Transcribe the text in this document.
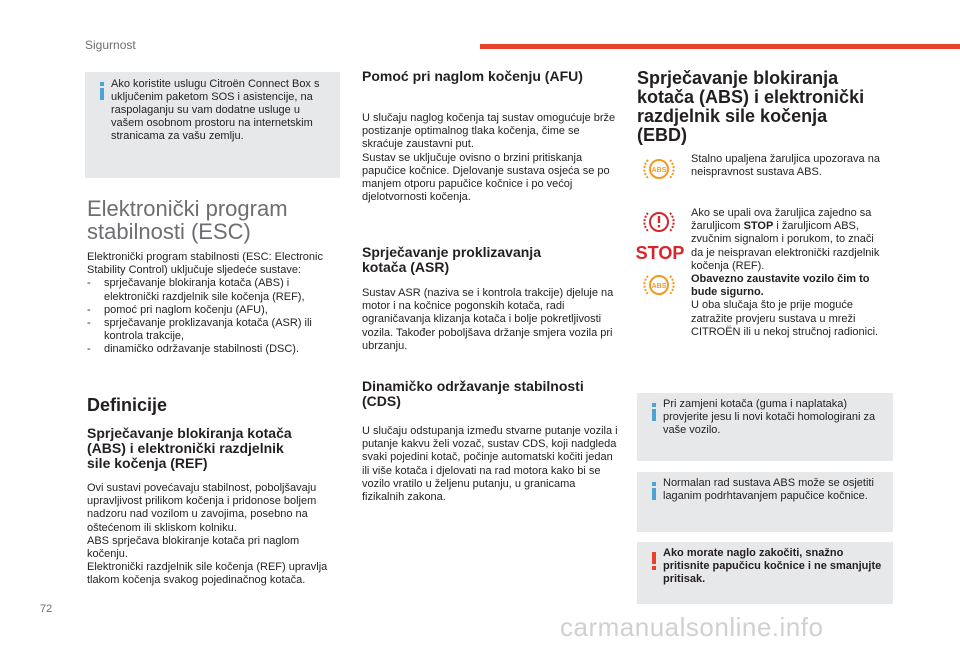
Sigurnost

Ako koristite uslugu Citroën Connect Box s uključenim paketom SOS i asistencije, na raspolaganju su vam dodatne usluge u vašem osobnom prostoru na internetskim stranicama za vašu zemlju.

Elektronički program
stabilnosti (ESC)

Elektronički program stabilnosti (ESC: Electronic Stability Control) uključuje sljedeće sustave:

- sprječavanje blokiranja kotača (ABS) i elektronički razdjelnik sile kočenja (REF),
- pomoć pri naglom kočenju (AFU),
- sprječavanje proklizavanja kotača (ASR) ili kontrola trakcije,
- dinamičko održavanje stabilnosti (DSC).
Definicije
Sprječavanje blokiranja kotača
(ABS) i elektronički razdjelnik
sile kočenja (REF)

Ovi sustavi povećavaju stabilnost, poboljšavaju upravljivost prilikom kočenja i pridonose boljem nadzoru nad vozilom u zavojima, posebno na oštećenom ili skliskom kolniku.

ABS sprječava blokiranje kotača pri naglom kočenju.

Elektronički razdjelnik sile kočenja (REF) upravlja tlakom kočenja svakog pojedinačnog kotača.

Pomoć pri naglom kočenju (AFU)

U slučaju naglog kočenja taj sustav omogućuje brže postizanje optimalnog tlaka kočenja, čime se skraćuje zaustavni put.

Sustav se uključuje ovisno o brzini pritiskanja papučice kočnice. Djelovanje sustava osjeća se po manjem otporu papučice kočnice i po većoj djelotvornosti kočenja.

Sprječavanje proklizavanja
kotača (ASR)

Sustav ASR (naziva se i kontrola trakcije) djeluje na motor i na kočnice pogonskih kotača, radi ograničavanja klizanja kotača i bolje pokretljivosti vozila. Također poboljšava držanje smjera vozila pri ubrzanju.

Dinamičko održavanje stabilnosti
(CDS)

U slučaju odstupanja između stvarne putanje vozila i putanje kakvu želi vozač, sustav CDS, koji nadgleda svaki pojedini kotač, počinje automatski kočiti jedan ili više kotača i djelovati na rad motora kako bi se vozilo vratilo u željenu putanju, u granicama fizikalnih zakona.

Sprječavanje blokiranja
kotača (ABS) i elektronički
razdjelnik sile kočenja
(EBD)
ABS

Stalno upaljena žaruljica upozorava na neispravnost sustava ABS.

STOP
ABS

Ako se upali ova žaruljica zajedno sa žaruljicom STOP i žaruljicom ABS, zvučnim signalom i porukom, to znači da je neispravan elektronički razdjelnik kočenja (REF).

Obavezno zaustavite vozilo čim to bude sigurno.

U oba slučaja što je prije moguće zatražite provjeru sustava u mreži CITROËN ili u nekoj stručnoj radionici.

Pri zamjeni kotača (guma i naplataka) provjerite jesu li novi kotači homologirani za vaše vozilo.

Normalan rad sustava ABS može se osjetiti laganim podrhtavanjem papučice kočnice.

Ako morate naglo zakočiti, snažno pritisnite papučicu kočnice i ne smanjujte pritisak.

72
carmanualsonline.info
